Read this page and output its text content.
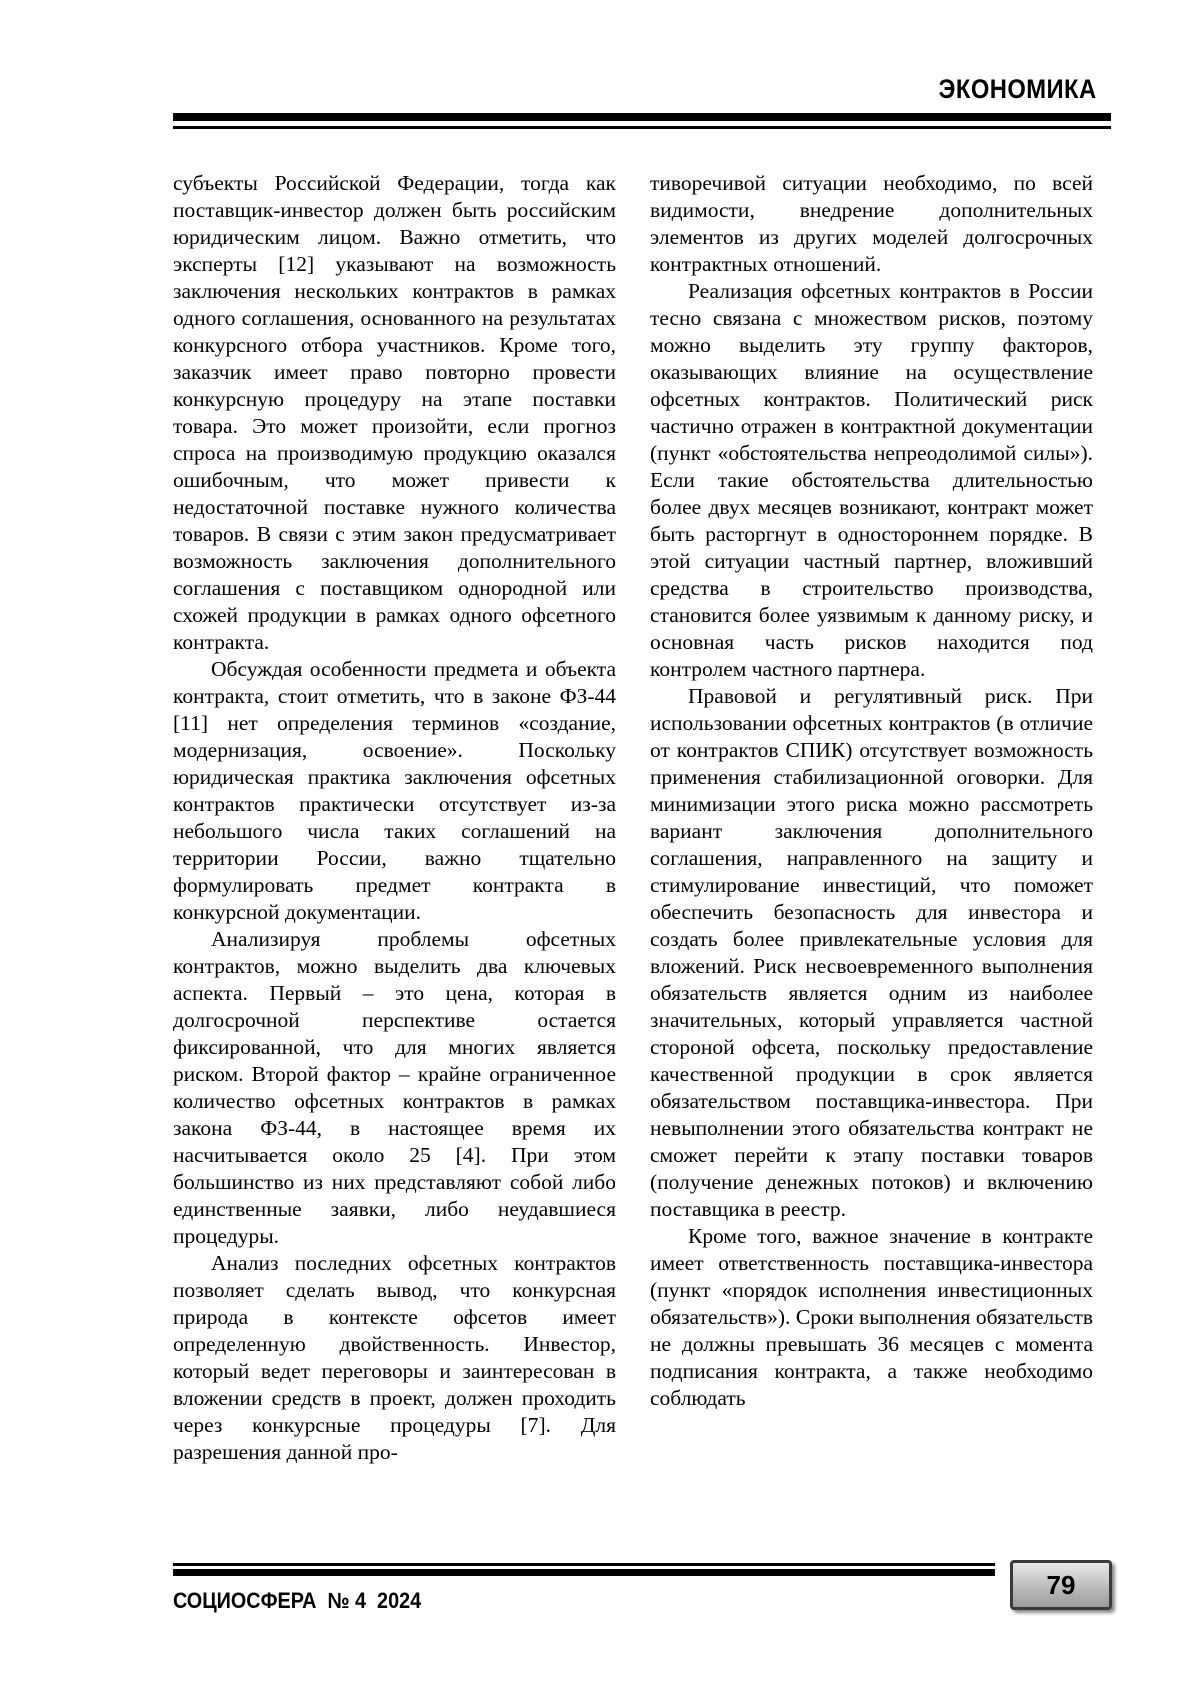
ЭКОНОМИКА

субъекты Российской Федерации, тогда как поставщик-инвестор должен быть российским юридическим лицом. Важно отметить, что эксперты [12] указывают на возможность заключения нескольких контрактов в рамках одного соглашения, основанного на результатах конкурсного отбора участников. Кроме того, заказчик имеет право повторно провести конкурсную процедуру на этапе поставки товара. Это может произойти, если прогноз спроса на производимую продукцию оказался ошибочным, что может привести к недостаточной поставке нужного количества товаров. В связи с этим закон предусматривает возможность заключения дополнительного соглашения с поставщиком однородной или схожей продукции в рамках одного офсетного контракта.

Обсуждая особенности предмета и объекта контракта, стоит отметить, что в законе ФЗ-44 [11] нет определения терминов «создание, модернизация, освоение». Поскольку юридическая практика заключения офсетных контрактов практически отсутствует из-за небольшого числа таких соглашений на территории России, важно тщательно формулировать предмет контракта в конкурсной документации.

Анализируя проблемы офсетных контрактов, можно выделить два ключевых аспекта. Первый – это цена, которая в долгосрочной перспективе остается фиксированной, что для многих является риском. Второй фактор – крайне ограниченное количество офсетных контрактов в рамках закона ФЗ-44, в настоящее время их насчитывается около 25 [4]. При этом большинство из них представляют собой либо единственные заявки, либо неудавшиеся процедуры.

Анализ последних офсетных контрактов позволяет сделать вывод, что конкурсная природа в контексте офсетов имеет определенную двойственность. Инвестор, который ведет переговоры и заинтересован в вложении средств в проект, должен проходить через конкурсные процедуры [7]. Для разрешения данной про-

тиворечивой ситуации необходимо, по всей видимости, внедрение дополнительных элементов из других моделей долгосрочных контрактных отношений.

Реализация офсетных контрактов в России тесно связана с множеством рисков, поэтому можно выделить эту группу факторов, оказывающих влияние на осуществление офсетных контрактов. Политический риск частично отражен в контрактной документации (пункт «обстоятельства непреодолимой силы»). Если такие обстоятельства длительностью более двух месяцев возникают, контракт может быть расторгнут в одностороннем порядке. В этой ситуации частный партнер, вложивший средства в строительство производства, становится более уязвимым к данному риску, и основная часть рисков находится под контролем частного партнера.

Правовой и регулятивный риск. При использовании офсетных контрактов (в отличие от контрактов СПИК) отсутствует возможность применения стабилизационной оговорки. Для минимизации этого риска можно рассмотреть вариант заключения дополнительного соглашения, направленного на защиту и стимулирование инвестиций, что поможет обеспечить безопасность для инвестора и создать более привлекательные условия для вложений. Риск несвоевременного выполнения обязательств является одним из наиболее значительных, который управляется частной стороной офсета, поскольку предоставление качественной продукции в срок является обязательством поставщика-инвестора. При невыполнении этого обязательства контракт не сможет перейти к этапу поставки товаров (получение денежных потоков) и включению поставщика в реестр.

Кроме того, важное значение в контракте имеет ответственность поставщика-инвестора (пункт «порядок исполнения инвестиционных обязательств»). Сроки выполнения обязательств не должны превышать 36 месяцев с момента подписания контракта, а также необходимо соблюдать

СОЦИОСФЕРА  № 4  2024
79
